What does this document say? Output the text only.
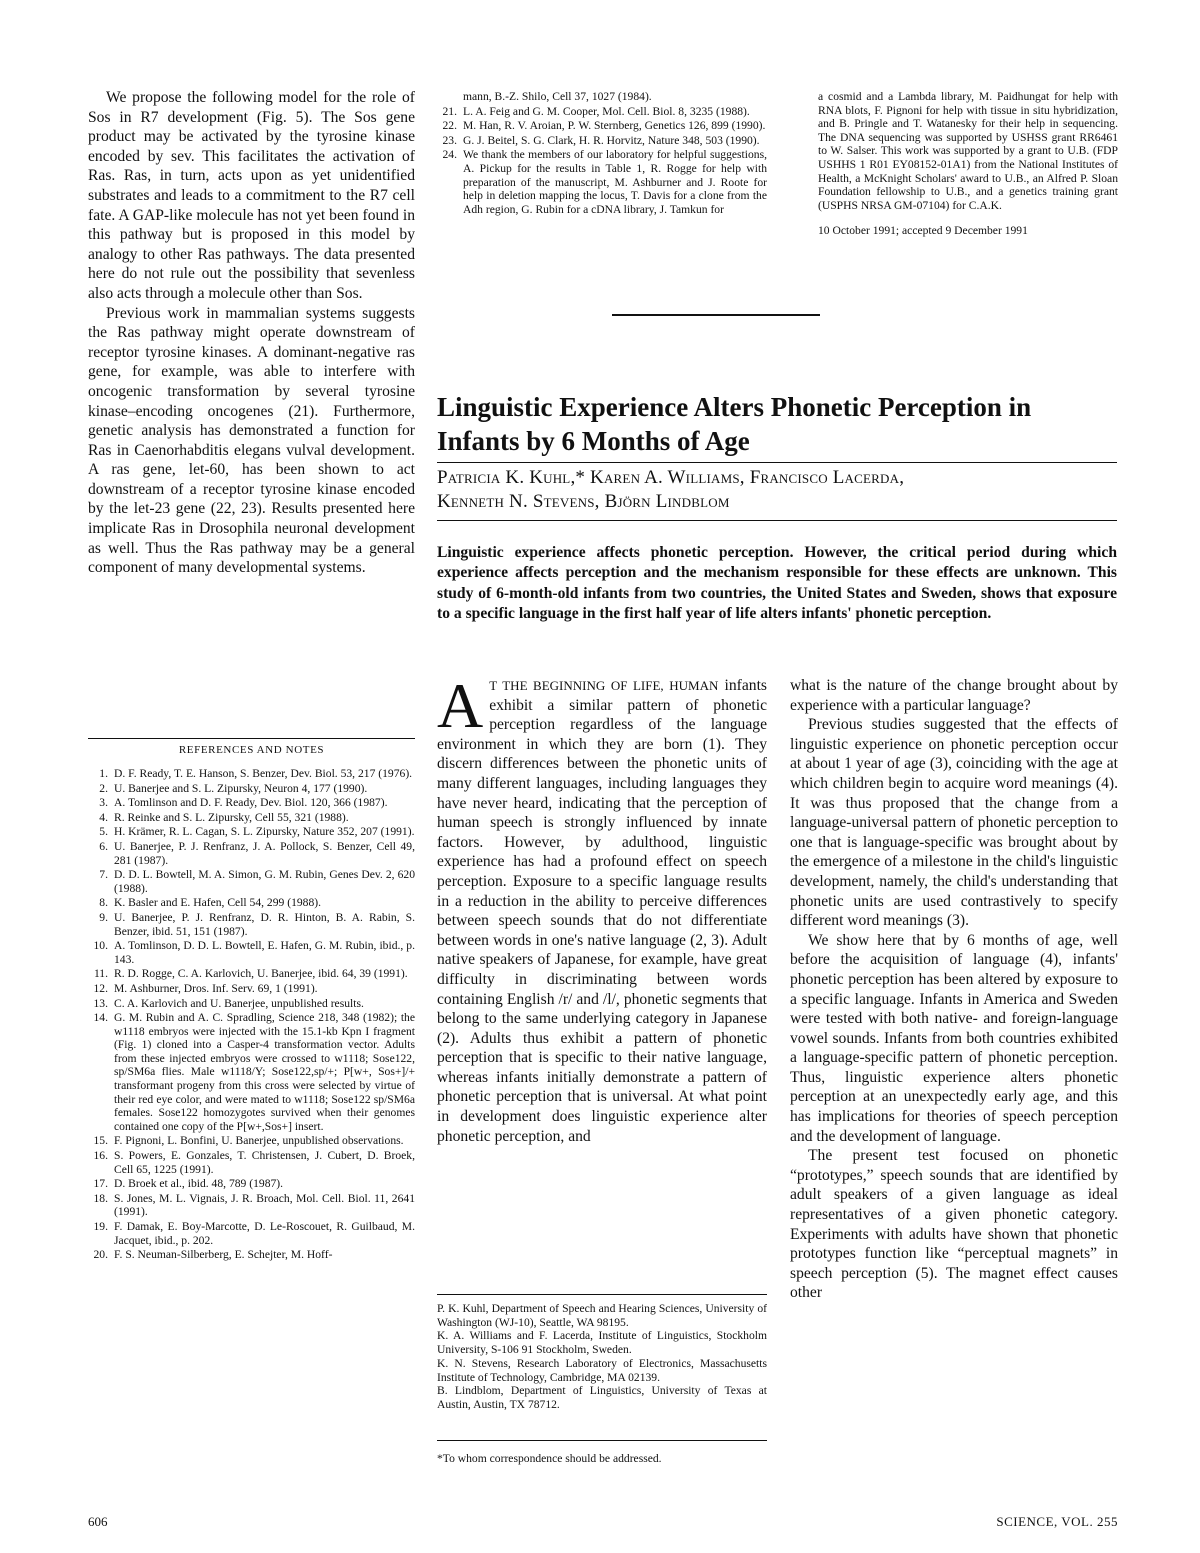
We propose the following model for the role of Sos in R7 development (Fig. 5). The Sos gene product may be activated by the tyrosine kinase encoded by sev. This facilitates the activation of Ras. Ras, in turn, acts upon as yet unidentified substrates and leads to a commitment to the R7 cell fate. A GAP-like molecule has not yet been found in this pathway but is proposed in this model by analogy to other Ras pathways. The data presented here do not rule out the possibility that sevenless also acts through a molecule other than Sos.

Previous work in mammalian systems suggests the Ras pathway might operate downstream of receptor tyrosine kinases. A dominant-negative ras gene, for example, was able to interfere with oncogenic transformation by several tyrosine kinase–encoding oncogenes (21). Furthermore, genetic analysis has demonstrated a function for Ras in Caenorhabditis elegans vulval development. A ras gene, let-60, has been shown to act downstream of a receptor tyrosine kinase encoded by the let-23 gene (22, 23). Results presented here implicate Ras in Drosophila neuronal development as well. Thus the Ras pathway may be a general component of many developmental systems.

REFERENCES AND NOTES
1. D. F. Ready, T. E. Hanson, S. Benzer, Dev. Biol. 53, 217 (1976).
2. U. Banerjee and S. L. Zipursky, Neuron 4, 177 (1990).
3. A. Tomlinson and D. F. Ready, Dev. Biol. 120, 366 (1987).
4. R. Reinke and S. L. Zipursky, Cell 55, 321 (1988).
5. H. Krämer, R. L. Cagan, S. L. Zipursky, Nature 352, 207 (1991).
6. U. Banerjee, P. J. Renfranz, J. A. Pollock, S. Benzer, Cell 49, 281 (1987).
7. D. D. L. Bowtell, M. A. Simon, G. M. Rubin, Genes Dev. 2, 620 (1988).
8. K. Basler and E. Hafen, Cell 54, 299 (1988).
9. U. Banerjee, P. J. Renfranz, D. R. Hinton, B. A. Rabin, S. Benzer, ibid. 51, 151 (1987).
10. A. Tomlinson, D. D. L. Bowtell, E. Hafen, G. M. Rubin, ibid., p. 143.
11. R. D. Rogge, C. A. Karlovich, U. Banerjee, ibid. 64, 39 (1991).
12. M. Ashburner, Dros. Inf. Serv. 69, 1 (1991).
13. C. A. Karlovich and U. Banerjee, unpublished results.
14. G. M. Rubin and A. C. Spradling, Science 218, 348 (1982); the w1118 embryos were injected with the 15.1-kb Kpn I fragment (Fig. 1) cloned into a Casper-4 transformation vector. Adults from these injected embryos were crossed to w1118; Sose122, sp/SM6a flies. Male w1118/Y; Sose122,sp/+; P[w+, Sos+]/+ transformant progeny from this cross were selected by virtue of their red eye color, and were mated to w1118; Sose122 sp/SM6a females. Sose122 homozygotes survived when their genomes contained one copy of the P[w+,Sos+] insert.
15. F. Pignoni, L. Bonfini, U. Banerjee, unpublished observations.
16. S. Powers, E. Gonzales, T. Christensen, J. Cubert, D. Broek, Cell 65, 1225 (1991).
17. D. Broek et al., ibid. 48, 789 (1987).
18. S. Jones, M. L. Vignais, J. R. Broach, Mol. Cell. Biol. 11, 2641 (1991).
19. F. Damak, E. Boy-Marcotte, D. Le-Roscouet, R. Guilbaud, M. Jacquet, ibid., p. 202.
20. F. S. Neuman-Silberberg, E. Schejter, M. Hoff-
mann, B.-Z. Shilo, Cell 37, 1027 (1984).
21. L. A. Feig and G. M. Cooper, Mol. Cell. Biol. 8, 3235 (1988).
22. M. Han, R. V. Aroian, P. W. Sternberg, Genetics 126, 899 (1990).
23. G. J. Beitel, S. G. Clark, H. R. Horvitz, Nature 348, 503 (1990).
24. We thank the members of our laboratory for helpful suggestions, A. Pickup for the results in Table 1, R. Rogge for help with preparation of the manuscript, M. Ashburner and J. Roote for help in deletion mapping the locus, T. Davis for a clone from the Adh region, G. Rubin for a cDNA library, J. Tamkun for
a cosmid and a Lambda library, M. Paidhungat for help with RNA blots, F. Pignoni for help with tissue in situ hybridization, and B. Pringle and T. Watanesky for their help in sequencing. The DNA sequencing was supported by USHSS grant RR6461 to W. Salser. This work was supported by a grant to U.B. (FDP USHHS 1 R01 EY08152-01A1) from the National Institutes of Health, a McKnight Scholars' award to U.B., an Alfred P. Sloan Foundation fellowship to U.B., and a genetics training grant (USPHS NRSA GM-07104) for C.A.K.
10 October 1991; accepted 9 December 1991
Linguistic Experience Alters Phonetic Perception in Infants by 6 Months of Age
Patricia K. Kuhl,* Karen A. Williams, Francisco Lacerda,
Kenneth N. Stevens, Björn Lindblom
Linguistic experience affects phonetic perception. However, the critical period during which experience affects perception and the mechanism responsible for these effects are unknown. This study of 6-month-old infants from two countries, the United States and Sweden, shows that exposure to a specific language in the first half year of life alters infants' phonetic perception.

A T THE BEGINNING OF LIFE, HUMAN infants exhibit a similar pattern of phonetic perception regardless of the language environment in which they are born (1). They discern differences between the phonetic units of many different languages, including languages they have never heard, indicating that the perception of human speech is strongly influenced by innate factors. However, by adulthood, linguistic experience has had a profound effect on speech perception. Exposure to a specific language results in a reduction in the ability to perceive differences between speech sounds that do not differentiate between words in one's native language (2, 3). Adult native speakers of Japanese, for example, have great difficulty in discriminating between words containing English /r/ and /l/, phonetic segments that belong to the same underlying category in Japanese (2). Adults thus exhibit a pattern of phonetic perception that is specific to their native language, whereas infants initially demonstrate a pattern of phonetic perception that is universal. At what point in development does linguistic experience alter phonetic perception, and

P. K. Kuhl, Department of Speech and Hearing Sciences, University of Washington (WJ-10), Seattle, WA 98195.
K. A. Williams and F. Lacerda, Institute of Linguistics, Stockholm University, S-106 91 Stockholm, Sweden.
K. N. Stevens, Research Laboratory of Electronics, Massachusetts Institute of Technology, Cambridge, MA 02139.
B. Lindblom, Department of Linguistics, University of Texas at Austin, Austin, TX 78712.
*To whom correspondence should be addressed.

what is the nature of the change brought about by experience with a particular language?

Previous studies suggested that the effects of linguistic experience on phonetic perception occur at about 1 year of age (3), coinciding with the age at which children begin to acquire word meanings (4). It was thus proposed that the change from a language-universal pattern of phonetic perception to one that is language-specific was brought about by the emergence of a milestone in the child's linguistic development, namely, the child's understanding that phonetic units are used contrastively to specify different word meanings (3).

We show here that by 6 months of age, well before the acquisition of language (4), infants' phonetic perception has been altered by exposure to a specific language. Infants in America and Sweden were tested with both native- and foreign-language vowel sounds. Infants from both countries exhibited a language-specific pattern of phonetic perception. Thus, linguistic experience alters phonetic perception at an unexpectedly early age, and this has implications for theories of speech perception and the development of language.

The present test focused on phonetic “prototypes,” speech sounds that are identified by adult speakers of a given language as ideal representatives of a given phonetic category. Experiments with adults have shown that phonetic prototypes function like “perceptual magnets” in speech perception (5). The magnet effect causes other

606	SCIENCE, VOL. 255
